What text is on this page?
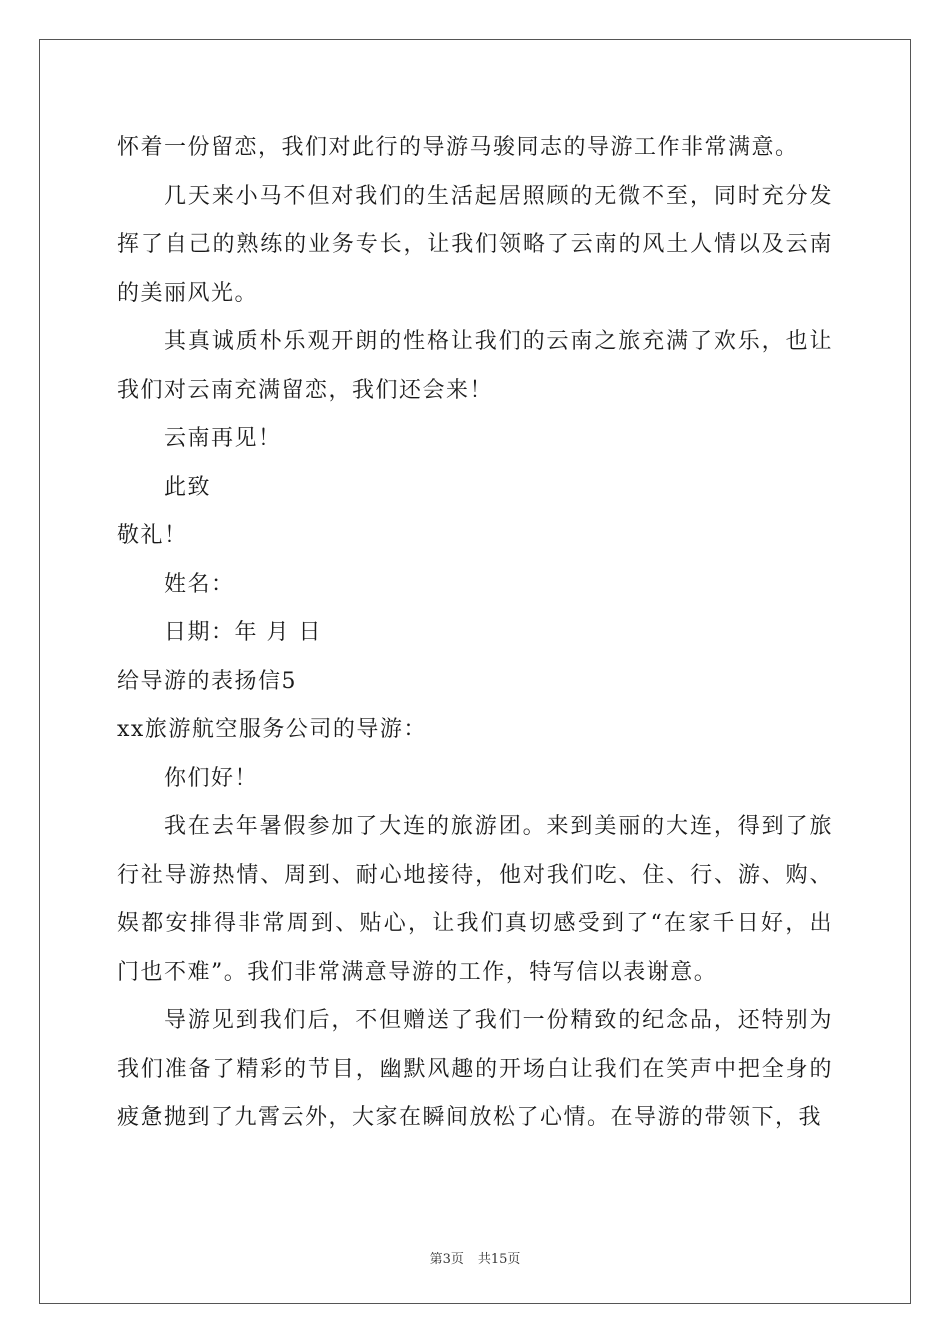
怀着一份留恋，我们对此行的导游马骏同志的导游工作非常满意。

几天来小马不但对我们的生活起居照顾的无微不至，同时充分发挥了自己的熟练的业务专长，让我们领略了云南的风土人情以及云南的美丽风光。

其真诚质朴乐观开朗的性格让我们的云南之旅充满了欢乐，也让我们对云南充满留恋，我们还会来！

云南再见！

此致

敬礼！

姓名：

日期：年 月 日

给导游的表扬信5

xx旅游航空服务公司的导游：

你们好！

我在去年暑假参加了大连的旅游团。来到美丽的大连，得到了旅行社导游热情、周到、耐心地接待，他对我们吃、住、行、游、购、娱都安排得非常周到、贴心，让我们真切感受到了“在家千日好，出门也不难”。我们非常满意导游的工作，特写信以表谢意。

导游见到我们后，不但赠送了我们一份精致的纪念品，还特别为我们准备了精彩的节目，幽默风趣的开场白让我们在笑声中把全身的疲惫抛到了九霄云外，大家在瞬间放松了心情。在导游的带领下，我

第3页 共15页
